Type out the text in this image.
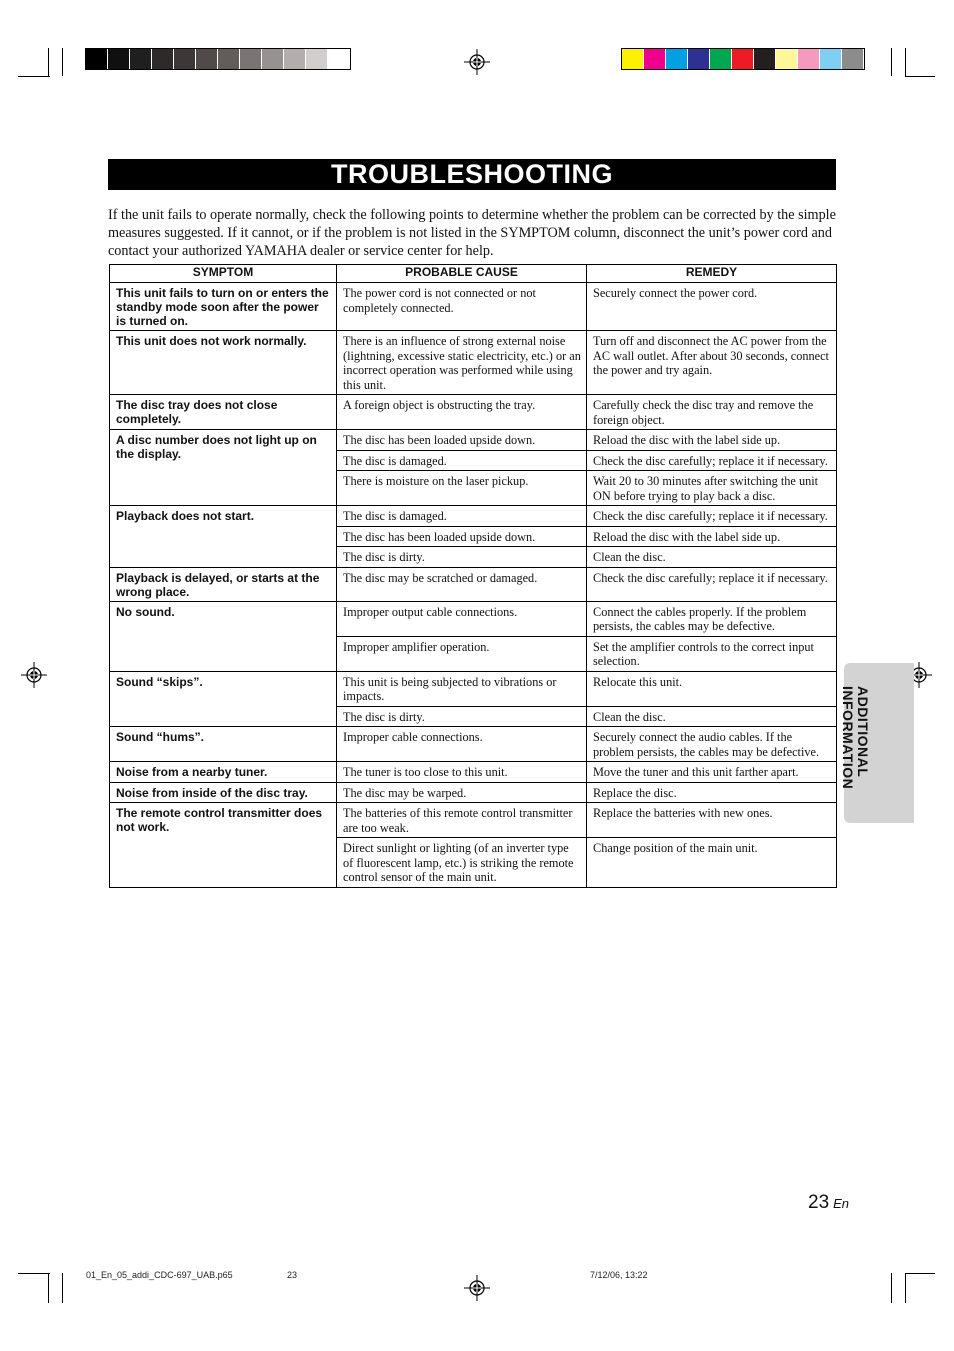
TROUBLESHOOTING
If the unit fails to operate normally, check the following points to determine whether the problem can be corrected by the simple measures suggested. If it cannot, or if the problem is not listed in the SYMPTOM column, disconnect the unit’s power cord and contact your authorized YAMAHA dealer or service center for help.
SYMPTOM	PROBABLE CAUSE	REMEDY
This unit fails to turn on or enters the standby mode soon after the power is turned on.	The power cord is not connected or not completely connected.	Securely connect the power cord.
This unit does not work normally.	There is an influence of strong external noise (lightning, excessive static electricity, etc.) or an incorrect operation was performed while using this unit.	Turn off and disconnect the AC power from the AC wall outlet. After about 30 seconds, connect the power and try again.
The disc tray does not close completely.	A foreign object is obstructing the tray.	Carefully check the disc tray and remove the foreign object.
A disc number does not light up on the display.	The disc has been loaded upside down.	Reload the disc with the label side up.
	The disc is damaged.	Check the disc carefully; replace it if necessary.
	There is moisture on the laser pickup.	Wait 20 to 30 minutes after switching the unit ON before trying to play back a disc.
Playback does not start.	The disc is damaged.	Check the disc carefully; replace it if necessary.
	The disc has been loaded upside down.	Reload the disc with the label side up.
	The disc is dirty.	Clean the disc.
Playback is delayed, or starts at the wrong place.	The disc may be scratched or damaged.	Check the disc carefully; replace it if necessary.
No sound.	Improper output cable connections.	Connect the cables properly. If the problem persists, the cables may be defective.
	Improper amplifier operation.	Set the amplifier controls to the correct input selection.
Sound “skips”.	This unit is being subjected to vibrations or impacts.	Relocate this unit.
	The disc is dirty.	Clean the disc.
Sound “hums”.	Improper cable connections.	Securely connect the audio cables. If the problem persists, the cables may be defective.
Noise from a nearby tuner.	The tuner is too close to this unit.	Move the tuner and this unit farther apart.
Noise from inside of the disc tray.	The disc may be warped.	Replace the disc.
The remote control transmitter does not work.	The batteries of this remote control transmitter are too weak.	Replace the batteries with new ones.
	Direct sunlight or lighting (of an inverter type of fluorescent lamp, etc.) is striking the remote control sensor of the main unit.	Change position of the main unit.
ADDITIONAL
INFORMATION
23 En
01_En_05_addi_CDC-697_UAB.p65	23	7/12/06, 13:22
